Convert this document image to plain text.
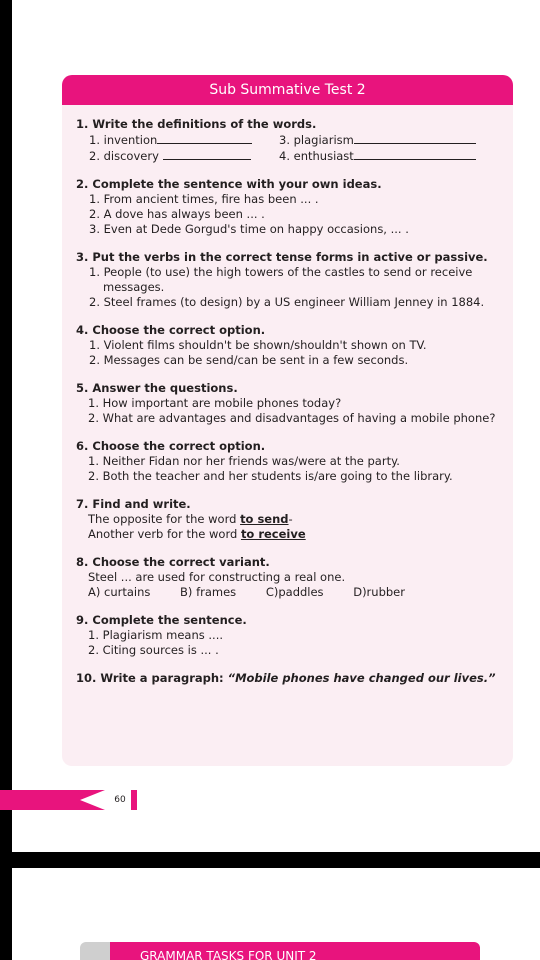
Sub Summative Test 2
1. Write the definitions of the words.
1. invention	3. plagiarism
2. discovery	4. enthusiast
2. Complete the sentence with your own ideas.
1. From ancient times, fire has been ... .
2. A dove has always been ... .
3. Even at Dede Gorgud's time on happy occasions, ... .
3. Put the verbs in the correct tense forms in active or passive.
1. People (to use) the high towers of the castles to send or receive
messages.
2. Steel frames (to design) by a US engineer William Jenney in 1884.
4. Choose the correct option.
1. Violent films shouldn't be shown/shouldn't shown on TV.
2. Messages can be send/can be sent in a few seconds.
5. Answer the questions.
1. How important are mobile phones today?
2. What are advantages and disadvantages of having a mobile phone?
6. Choose the correct option.
1. Neither Fidan nor her friends was/were at the party.
2. Both the teacher and her students is/are going to the library.
7. Find and write.
The opposite for the word to send-
Another verb for the word to receive
8. Choose the correct variant.
Steel ... are used for constructing a real one.
A) curtains	B) frames	C)paddles	D)rubber
9. Complete the sentence.
1. Plagiarism means ....
2. Citing sources is ... .
10. Write a paragraph: “Mobile phones have changed our lives.”
60
GRAMMAR TASKS FOR UNIT 2
